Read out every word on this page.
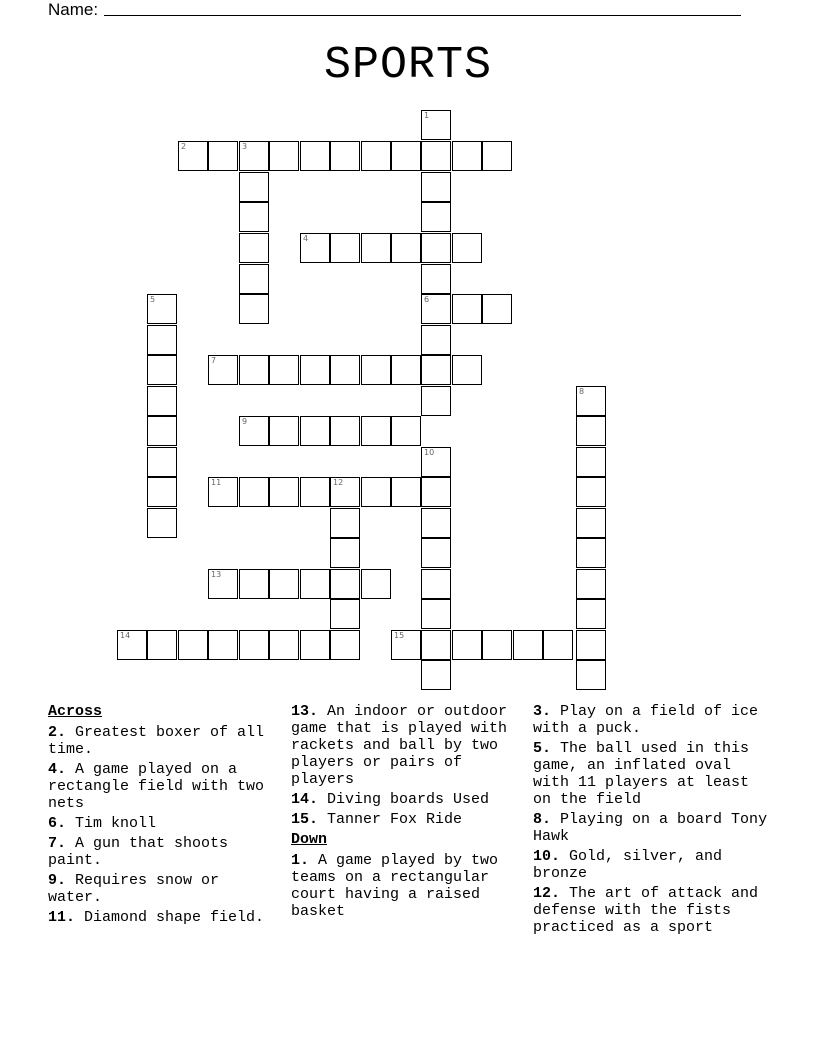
Name:
SPORTS
1
6
2	3
4
5
7
8
9
10
11	12
13
14	15
Across
2. Greatest boxer of all time.
4. A game played on a rectangle field with two nets
6. Tim knoll
7. A gun that shoots paint.
9. Requires snow or water.
11. Diamond shape field.
13. An indoor or outdoor game that is played with rackets and ball by two players or pairs of players
14. Diving boards Used
15. Tanner Fox Ride
Down
1. A game played by two teams on a rectangular court having a raised basket
3. Play on a field of ice with a puck.
5. The ball used in this game, an inflated oval with 11 players at least on the field
8. Playing on a board Tony Hawk
10. Gold, silver, and bronze
12. The art of attack and defense with the fists practiced as a sport
